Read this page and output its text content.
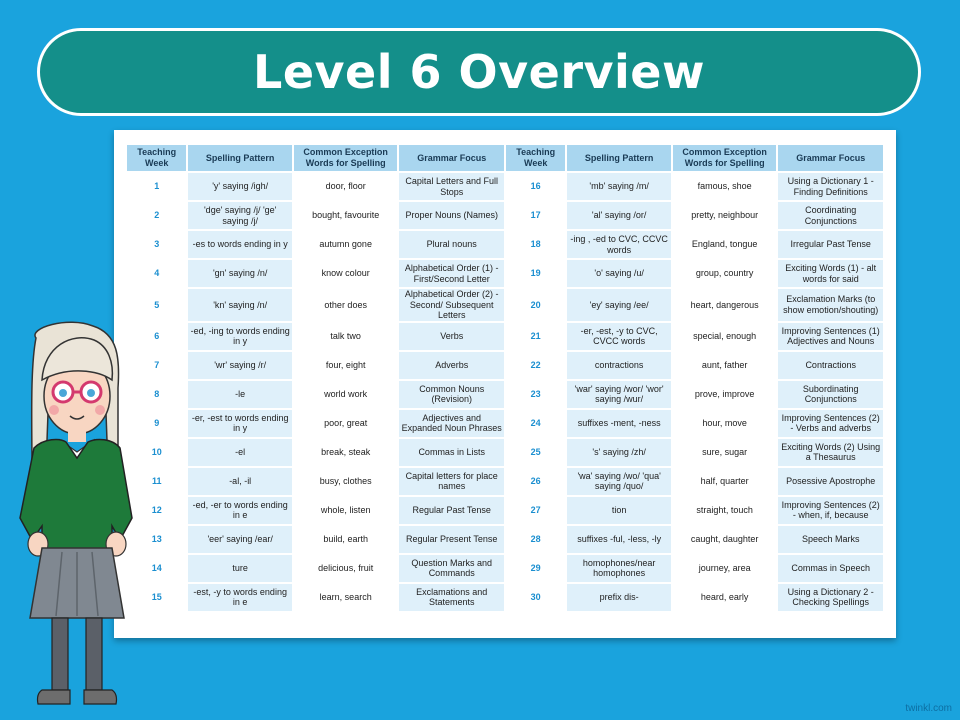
Level 6 Overview
Teaching Week	Spelling Pattern	Common Exception Words for Spelling	Grammar Focus	Teaching Week	Spelling Pattern	Common Exception Words for Spelling	Grammar Focus
1	'y' saying /igh/	door, floor	Capital Letters and Full Stops	16	'mb' saying /m/	famous, shoe	Using a Dictionary 1 - Finding Definitions
2	'dge' saying /j/ 'ge' saying /j/	bought, favourite	Proper Nouns (Names)	17	'al' saying /or/	pretty, neighbour	Coordinating Conjunctions
3	-es to words ending in y	autumn gone	Plural nouns	18	-ing , -ed to CVC, CCVC words	England, tongue	Irregular Past Tense
4	'gn' saying /n/	know colour	Alphabetical Order (1) - First/Second Letter	19	'o' saying /u/	group, country	Exciting Words (1) - alt words for said
5	'kn' saying /n/	other does	Alphabetical Order (2) - Second/ Subsequent Letters	20	'ey' saying /ee/	heart, dangerous	Exclamation Marks (to show emotion/shouting)
6	-ed, -ing to words ending in y	talk two	Verbs	21	-er, -est, -y to CVC, CVCC words	special, enough	Improving Sentences (1) Adjectives and Nouns
7	'wr' saying /r/	four, eight	Adverbs	22	contractions	aunt, father	Contractions
8	-le	world work	Common Nouns (Revision)	23	'war' saying /wor/ 'wor' saying /wur/	prove, improve	Subordinating Conjunctions
9	-er, -est to words ending in y	poor, great	Adjectives and Expanded Noun Phrases	24	suffixes -ment, -ness	hour, move	Improving Sentences (2) - Verbs and adverbs
10	-el	break, steak	Commas in Lists	25	's' saying /zh/	sure, sugar	Exciting Words (2) Using a Thesaurus
11	-al, -il	busy, clothes	Capital letters for place names	26	'wa' saying /wo/ 'qua' saying /quo/	half, quarter	Posessive Apostrophe
12	-ed, -er to words ending in e	whole, listen	Regular Past Tense	27	tion	straight, touch	Improving Sentences (2) - when, if, because
13	'eer' saying /ear/	build, earth	Regular Present Tense	28	suffixes -ful, -less, -ly	caught, daughter	Speech Marks
14	ture	delicious, fruit	Question Marks and Commands	29	homophones/near homophones	journey, area	Commas in Speech
15	-est, -y to words ending in e	learn, search	Exclamations and Statements	30	prefix dis-	heard, early	Using a Dictionary 2 - Checking Spellings
twinkl.com
